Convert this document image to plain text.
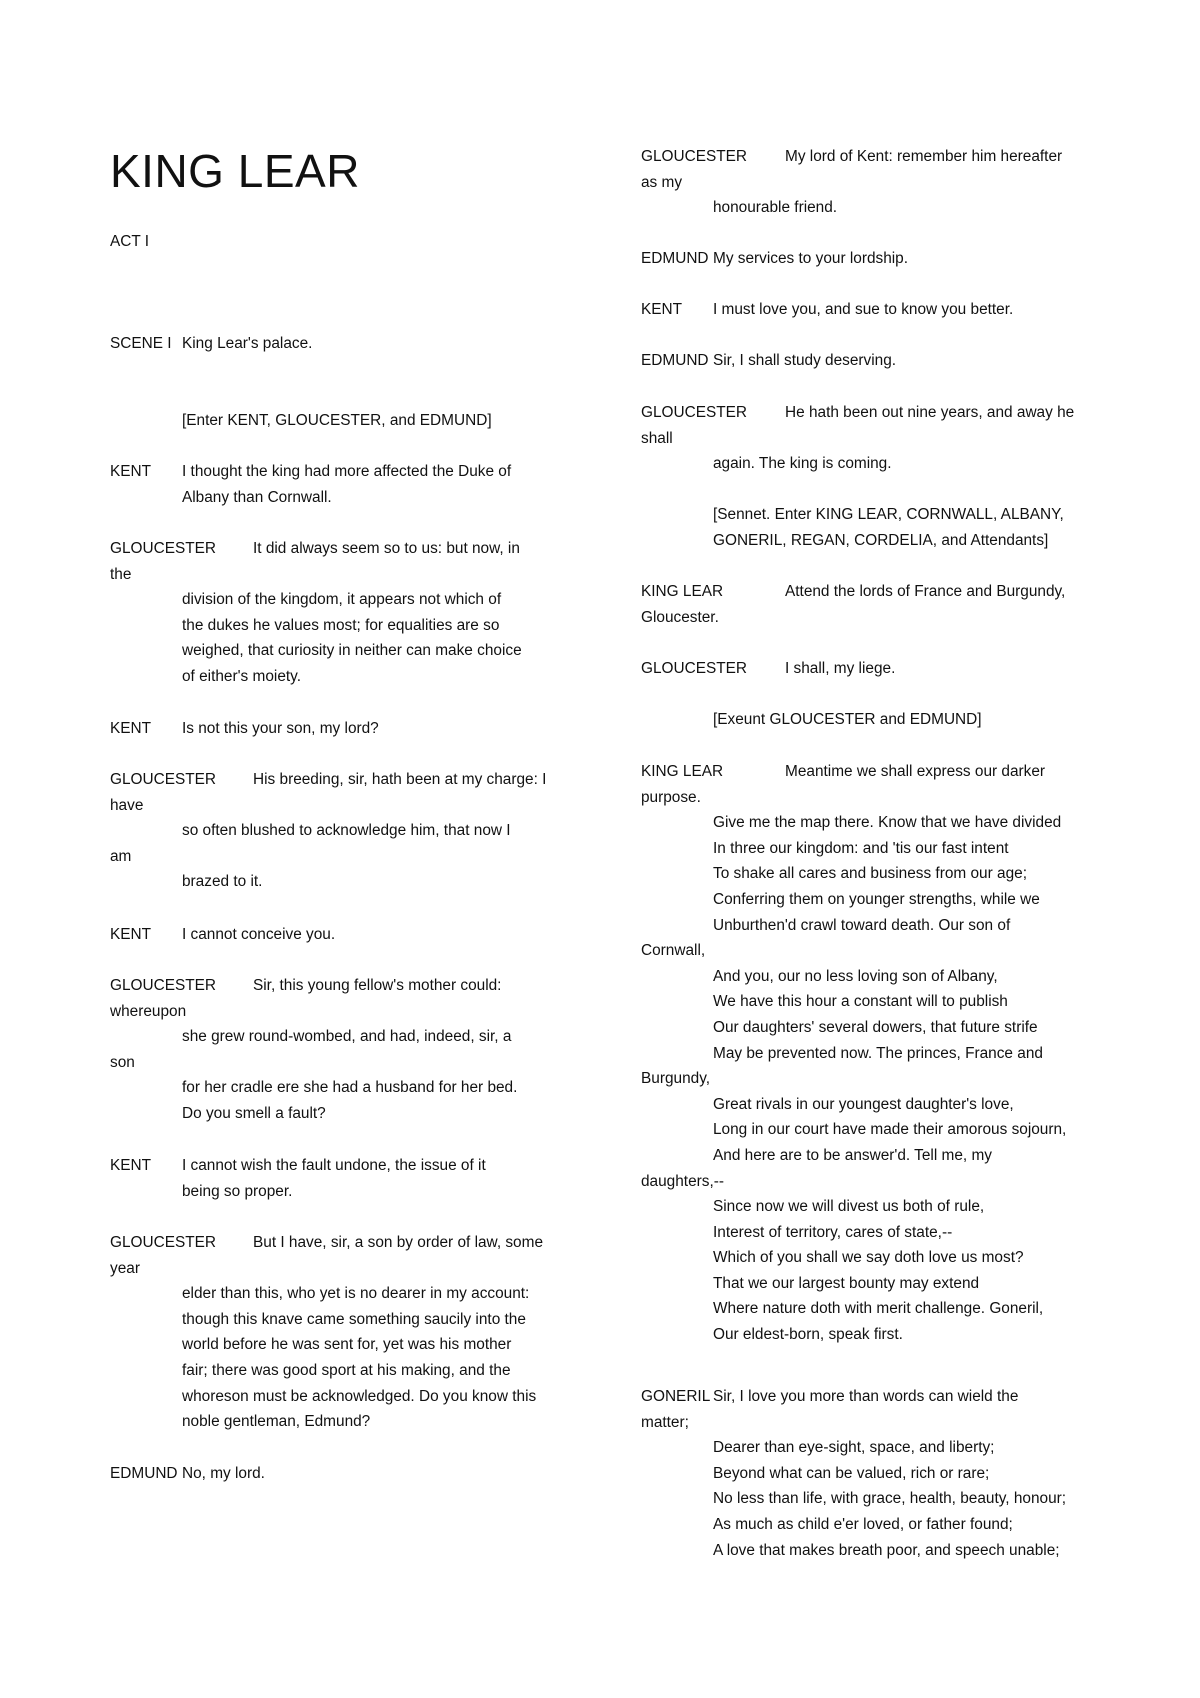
KING LEAR
ACT I
SCENE I King Lear's palace.
[Enter KENT, GLOUCESTER, and EDMUND]
KENT I thought the king had more affected the Duke of
Albany than Cornwall.
GLOUCESTER It did always seem so to us: but now, in
the
division of the kingdom, it appears not which of
the dukes he values most; for equalities are so
weighed, that curiosity in neither can make choice
of either's moiety.
KENT Is not this your son, my lord?
GLOUCESTER His breeding, sir, hath been at my charge: I
have
so often blushed to acknowledge him, that now I
am
brazed to it.
KENT I cannot conceive you.
GLOUCESTER Sir, this young fellow's mother could:
whereupon
she grew round-wombed, and had, indeed, sir, a
son
for her cradle ere she had a husband for her bed.
Do you smell a fault?
KENT I cannot wish the fault undone, the issue of it
being so proper.
GLOUCESTER But I have, sir, a son by order of law, some
year
elder than this, who yet is no dearer in my account:
though this knave came something saucily into the
world before he was sent for, yet was his mother
fair; there was good sport at his making, and the
whoreson must be acknowledged. Do you know this
noble gentleman, Edmund?
EDMUND No, my lord.
GLOUCESTER My lord of Kent: remember him hereafter
as my
honourable friend.
EDMUND My services to your lordship.
KENT I must love you, and sue to know you better.
EDMUND Sir, I shall study deserving.
GLOUCESTER He hath been out nine years, and away he
shall
again. The king is coming.
[Sennet. Enter KING LEAR, CORNWALL, ALBANY,
GONERIL, REGAN, CORDELIA, and Attendants]
KING LEAR	Attend the lords of France and Burgundy,
Gloucester.
GLOUCESTER I shall, my liege.
[Exeunt GLOUCESTER and EDMUND]
KING LEAR	Meantime we shall express our darker
purpose.
Give me the map there. Know that we have divided
In three our kingdom: and 'tis our fast intent
To shake all cares and business from our age;
Conferring them on younger strengths, while we
Unburthen'd crawl toward death. Our son of
Cornwall,
And you, our no less loving son of Albany,
We have this hour a constant will to publish
Our daughters' several dowers, that future strife
May be prevented now. The princes, France and
Burgundy,
Great rivals in our youngest daughter's love,
Long in our court have made their amorous sojourn,
And here are to be answer'd. Tell me, my
daughters,--
Since now we will divest us both of rule,
Interest of territory, cares of state,--
Which of you shall we say doth love us most?
That we our largest bounty may extend
Where nature doth with merit challenge. Goneril,
Our eldest-born, speak first.
GONERIL Sir, I love you more than words can wield the
matter;
Dearer than eye-sight, space, and liberty;
Beyond what can be valued, rich or rare;
No less than life, with grace, health, beauty, honour;
As much as child e'er loved, or father found;
A love that makes breath poor, and speech unable;
